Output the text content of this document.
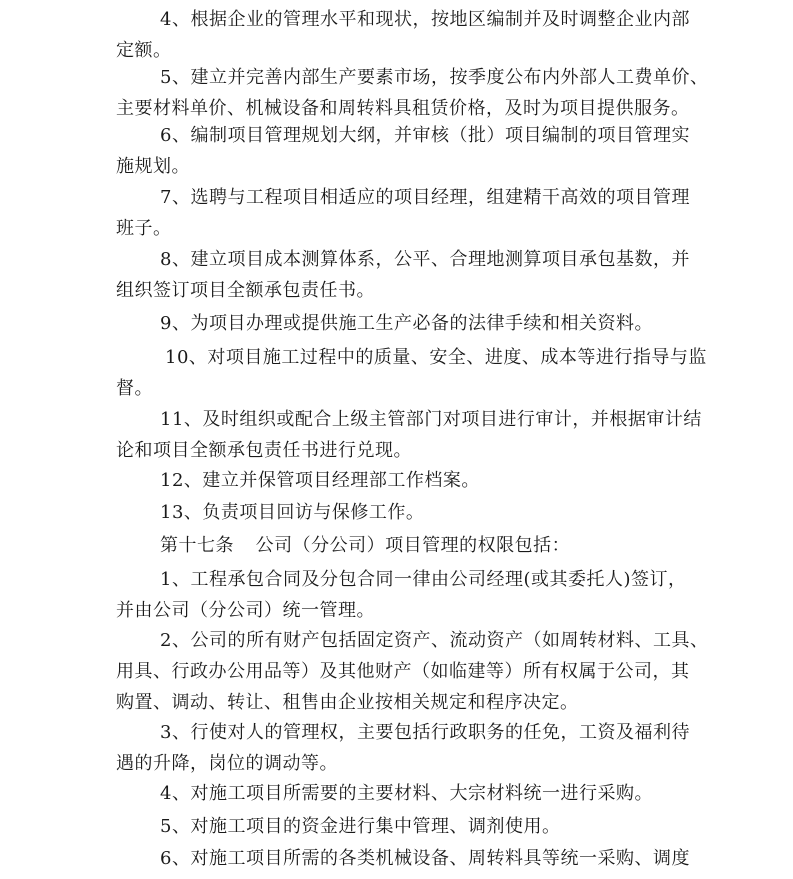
4、根据企业的管理水平和现状，按地区编制并及时调整企业内部
定额。
5、建立并完善内部生产要素市场，按季度公布内外部人工费单价、
主要材料单价、机械设备和周转料具租赁价格，及时为项目提供服务。
6、编制项目管理规划大纲，并审核（批）项目编制的项目管理实
施规划。
7、选聘与工程项目相适应的项目经理，组建精干高效的项目管理
班子。
8、建立项目成本测算体系，公平、合理地测算项目承包基数，并
组织签订项目全额承包责任书。
9、为项目办理或提供施工生产必备的法律手续和相关资料。
10、对项目施工过程中的质量、安全、进度、成本等进行指导与监
督。
11、及时组织或配合上级主管部门对项目进行审计，并根据审计结
论和项目全额承包责任书进行兑现。
12、建立并保管项目经理部工作档案。
13、负责项目回访与保修工作。
第十七条 公司（分公司）项目管理的权限包括：
1、工程承包合同及分包合同一律由公司经理(或其委托人)签订，
并由公司（分公司）统一管理。
2、公司的所有财产包括固定资产、流动资产（如周转材料、工具、
用具、行政办公用品等）及其他财产（如临建等）所有权属于公司，其
购置、调动、转让、租售由企业按相关规定和程序决定。
3、行使对人的管理权，主要包括行政职务的任免，工资及福利待
遇的升降，岗位的调动等。
4、对施工项目所需要的主要材料、大宗材料统一进行采购。
5、对施工项目的资金进行集中管理、调剂使用。
6、对施工项目所需的各类机械设备、周转料具等统一采购、调度
